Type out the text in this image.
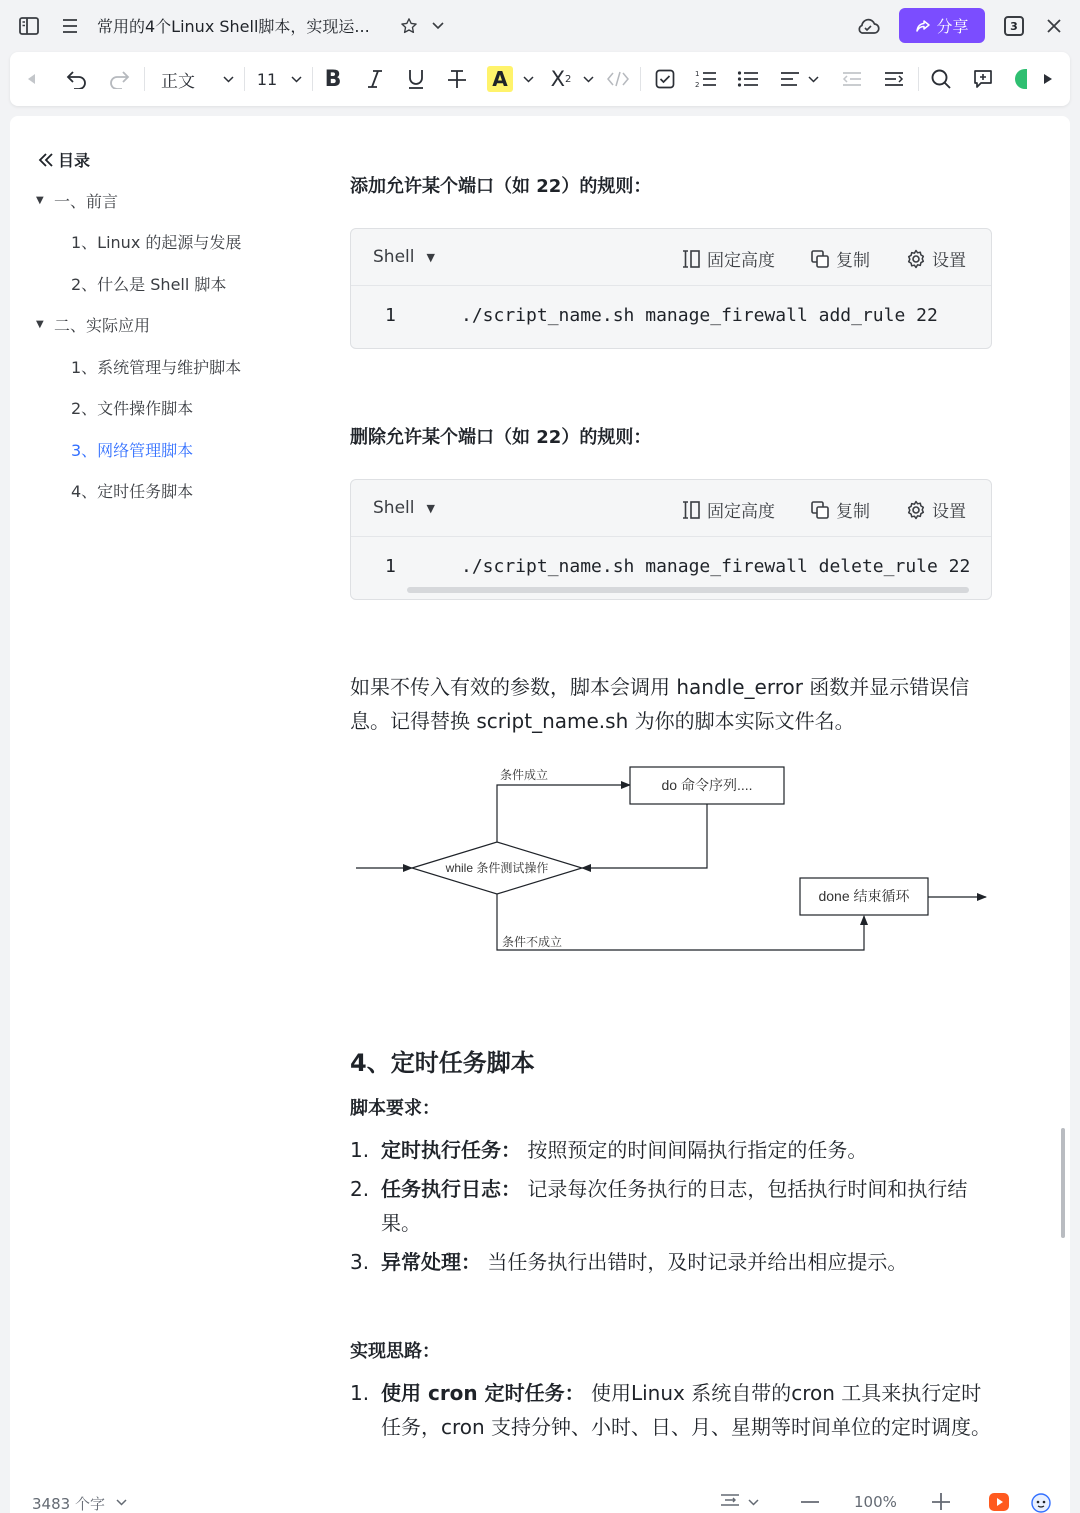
常用的4个Linux Shell脚本，实现运...	分享	3
正文	11 B	A X 2	1
2
目录
▼ 一、前言
1、Linux 的起源与发展
2、什么是 Shell 脚本
▼ 二、实际应用
1、系统管理与维护脚本
2、文件操作脚本
3、网络管理脚本
4、定时任务脚本
添加允许某个端口（如 22）的规则：
Shell ▼	固定高度	复制	设置
1	./script_name.sh manage_firewall add_rule 22
删除允许某个端口（如 22）的规则：
Shell ▼	固定高度	复制	设置
1	./script_name.sh manage_firewall delete_rule 22
如果不传入有效的参数，脚本会调用 handle_error 函数并显示错误信息。记得替换 script_name.sh 为你的脚本实际文件名。
while 条件测试操作
条件成立
do 命令序列....
条件不成立
done 结束循环
4、定时任务脚本
脚本要求：
1. 定时执行任务： 按照预定的时间间隔执行指定的任务。
2. 任务执行日志： 记录每次任务执行的日志，包括执行时间和执行结果。
3. 异常处理： 当任务执行出错时，及时记录并给出相应提示。
实现思路：
1. 使用 cron 定时任务： 使用Linux 系统自带的cron 工具来执行定时任务，cron 支持分钟、小时、日、月、星期等时间单位的定时调度。
3483 个字	100%
